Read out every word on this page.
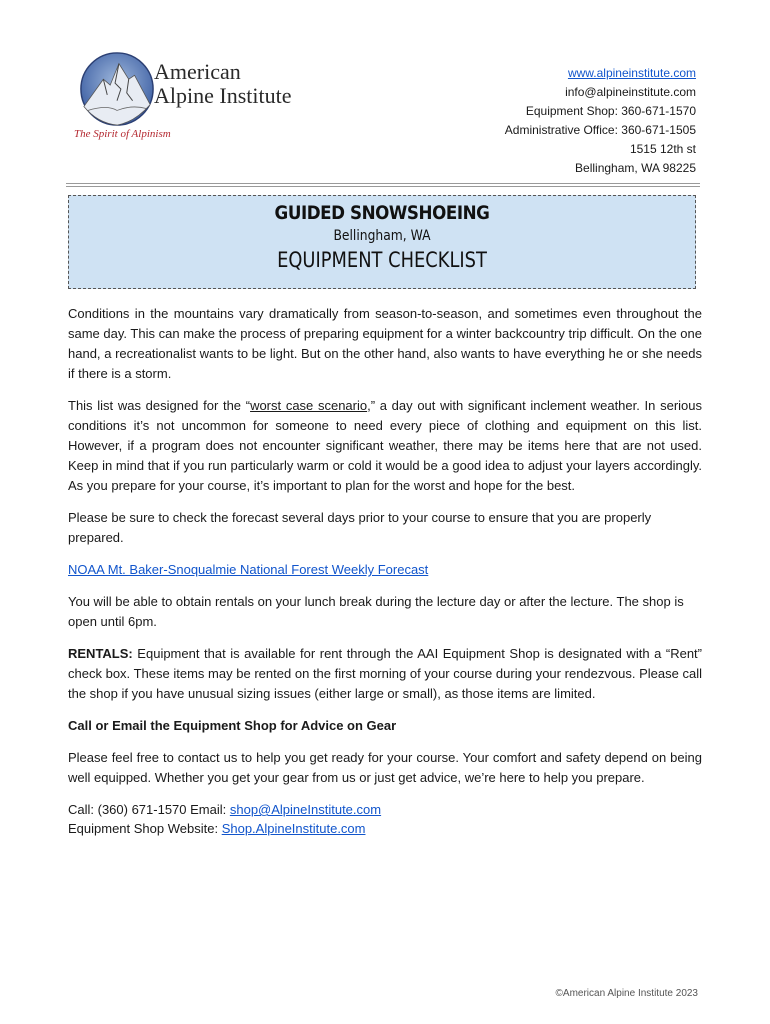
American
Alpine Institute
The Spirit of Alpinism
www.alpineinstitute.com
info@alpineinstitute.com
Equipment Shop: 360-671-1570
Administrative Office: 360-671-1505
1515 12th st
Bellingham, WA 98225
GUIDED SNOWSHOEING
Bellingham, WA
EQUIPMENT CHECKLIST

Conditions in the mountains vary dramatically from season-to-season, and sometimes even throughout the same day. This can make the process of preparing equipment for a winter backcountry trip difficult. On the one hand, a recreationalist wants to be light. But on the other hand, also wants to have everything he or she needs if there is a storm.

This list was designed for the “worst case scenario,” a day out with significant inclement weather. In serious conditions it’s not uncommon for someone to need every piece of clothing and equipment on this list. However, if a program does not encounter significant weather, there may be items here that are not used. Keep in mind that if you run particularly warm or cold it would be a good idea to adjust your layers accordingly. As you prepare for your course, it’s important to plan for the worst and hope for the best.

Please be sure to check the forecast several days prior to your course to ensure that you are properly prepared.

NOAA Mt. Baker-Snoqualmie National Forest Weekly Forecast

You will be able to obtain rentals on your lunch break during the lecture day or after the lecture. The shop is open until 6pm.

RENTALS: Equipment that is available for rent through the AAI Equipment Shop is designated with a “Rent” check box. These items may be rented on the first morning of your course during your rendezvous. Please call the shop if you have unusual sizing issues (either large or small), as those items are limited.

Call or Email the Equipment Shop for Advice on Gear

Please feel free to contact us to help you get ready for your course. Your comfort and safety depend on being well equipped. Whether you get your gear from us or just get advice, we’re here to help you prepare.

Call: (360) 671-1570 Email: shop@AlpineInstitute.com
Equipment Shop Website: Shop.AlpineInstitute.com

©American Alpine Institute 2023
